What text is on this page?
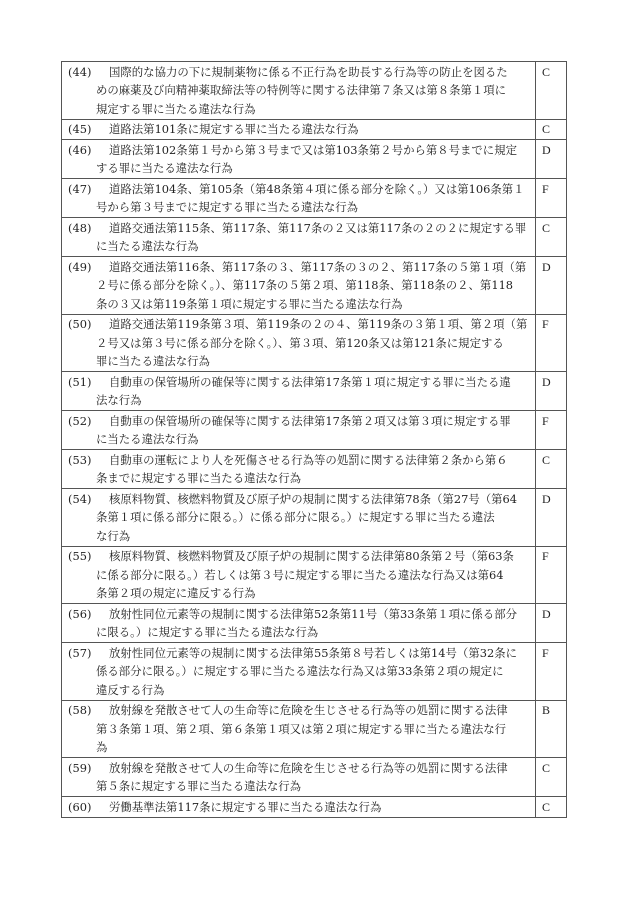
(44) 国際的な協力の下に規制薬物に係る不正行為を助長する行為等の防止を図るた
めの麻薬及び向精神薬取締法等の特例等に関する法律第７条又は第８条第１項に
規定する罪に当たる違法な行為	C

(45) 道路法第101条に規定する罪に当たる違法な行為	C

(46) 道路法第102条第１号から第３号まで又は第103条第２号から第８号までに規定
する罪に当たる違法な行為	D

(47) 道路法第104条、第105条（第48条第４項に係る部分を除く。）又は第106条第１
号から第３号までに規定する罪に当たる違法な行為	F

(48) 道路交通法第115条、第117条、第117条の２又は第117条の２の２に規定する罪
に当たる違法な行為	C

(49) 道路交通法第116条、第117条の３、第117条の３の２、第117条の５第１項（第
２号に係る部分を除く。）、第117条の５第２項、第118条、第118条の２、第118
条の３又は第119条第１項に規定する罪に当たる違法な行為	D

(50) 道路交通法第119条第３項、第119条の２の４、第119条の３第１項、第２項（第
２号又は第３号に係る部分を除く。）、第３項、第120条又は第121条に規定する
罪に当たる違法な行為	F

(51) 自動車の保管場所の確保等に関する法律第17条第１項に規定する罪に当たる違
法な行為	D

(52) 自動車の保管場所の確保等に関する法律第17条第２項又は第３項に規定する罪
に当たる違法な行為	F

(53) 自動車の運転により人を死傷させる行為等の処罰に関する法律第２条から第６
条までに規定する罪に当たる違法な行為	C

(54) 核原料物質、核燃料物質及び原子炉の規制に関する法律第78条（第27号（第64
条第１項に係る部分に限る。）に係る部分に限る。）に規定する罪に当たる違法
な行為	D

(55) 核原料物質、核燃料物質及び原子炉の規制に関する法律第80条第２号（第63条
に係る部分に限る。）若しくは第３号に規定する罪に当たる違法な行為又は第64
条第２項の規定に違反する行為	F

(56) 放射性同位元素等の規制に関する法律第52条第11号（第33条第１項に係る部分
に限る。）に規定する罪に当たる違法な行為	D

(57) 放射性同位元素等の規制に関する法律第55条第８号若しくは第14号（第32条に
係る部分に限る。）に規定する罪に当たる違法な行為又は第33条第２項の規定に
違反する行為	F

(58) 放射線を発散させて人の生命等に危険を生じさせる行為等の処罰に関する法律
第３条第１項、第２項、第６条第１項又は第２項に規定する罪に当たる違法な行
為	B

(59) 放射線を発散させて人の生命等に危険を生じさせる行為等の処罰に関する法律
第５条に規定する罪に当たる違法な行為	C

(60) 労働基準法第117条に規定する罪に当たる違法な行為	C
